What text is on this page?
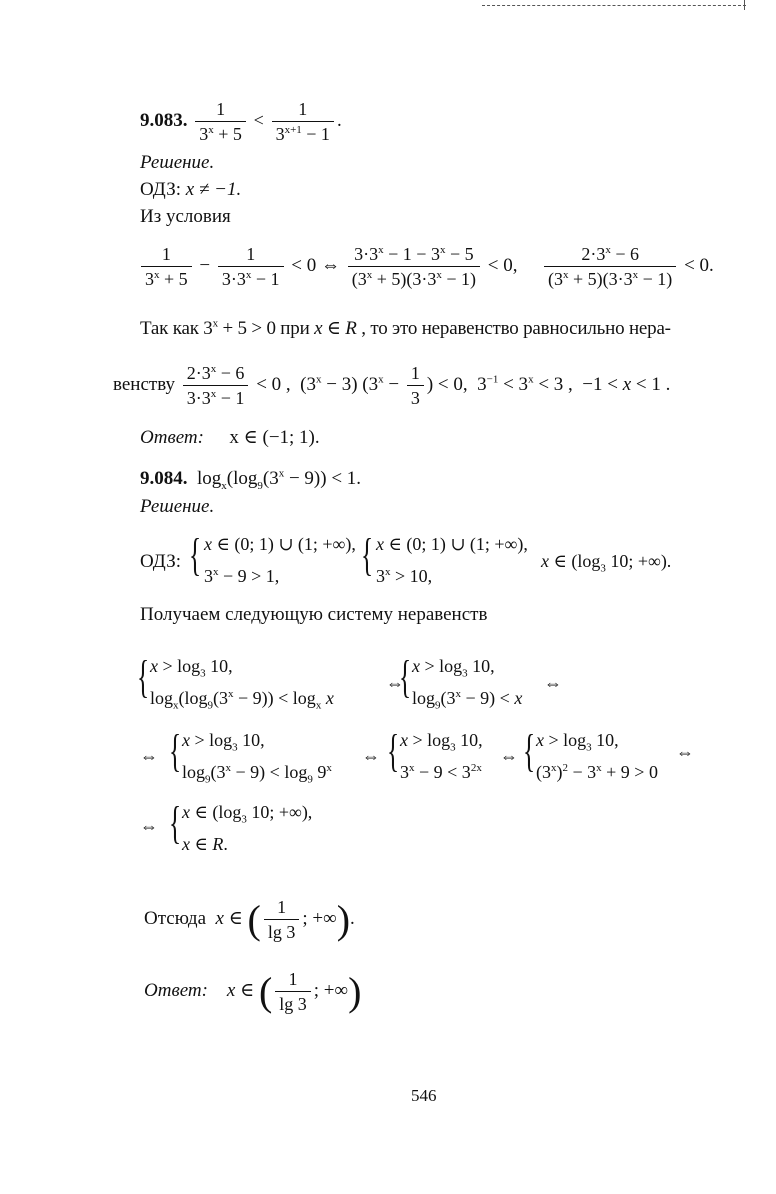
9.083. $\frac{1}{3^x + 5} < \frac{1}{3^{x+1} - 1}$ .
Решение.
ОДЗ: x ≠ −1.
Из условия
$\frac{1}{3^x + 5} - \frac{1}{3\cdot 3^x - 1} < 0$ ⇔ $\frac{3\cdot 3^x - 1 - 3^x - 5}{(3^x + 5)(3\cdot 3^x - 1)} < 0$, $\frac{2\cdot 3^x - 6}{(3^x + 5)(3\cdot 3^x - 1)} < 0$.
Так как $3^x + 5 > 0$ при x ∈ R , то это неравенство равносильно нера-
венству $\frac{2\cdot 3^x - 6}{3\cdot 3^x - 1} < 0$ ,  $(3^x - 3) (3^x - \frac{1}{3}$ ) < 0,  $3^{-1} < 3^x < 3$ ,  −1 < x < 1 .
Ответ: x ∈ (−1; 1).
9.084.  $\log_x(\log_9(3^x - 9)) < 1$.
Решение.
ОДЗ: { x ∈ (0; 1) ∪ (1; +∞),
$3^x - 9 > 1$, { x ∈ (0; 1) ∪ (1; +∞),
$3^x > 10$,
x ∈ ($\log_3$ 10; +∞).
Получаем следующую систему неравенств
{ $x > \log_3 10$,
$\log_x(\log_9(3^x - 9)) < \log_x x$
⇔
{ $x > \log_3 10$,
$\log_9(3^x - 9) < x$
⇔
⇔ { $x > \log_3 10$,
$\log_9(3^x - 9) < \log_9 9^x$
⇔ { $x > \log_3 10$,
$3^x - 9 < 3^{2x}$
⇔ { $x > \log_3 10$,
$(3^x)^2 - 3^x + 9 > 0$
⇔
⇔ { x ∈ ($\log_3$ 10; +∞),
x ∈ R.
Отсюда x ∈ ( $\frac{1}{\lg 3}$ ; +∞).
Ответ: x ∈ ( $\frac{1}{\lg 3}$ ; +∞)
546
